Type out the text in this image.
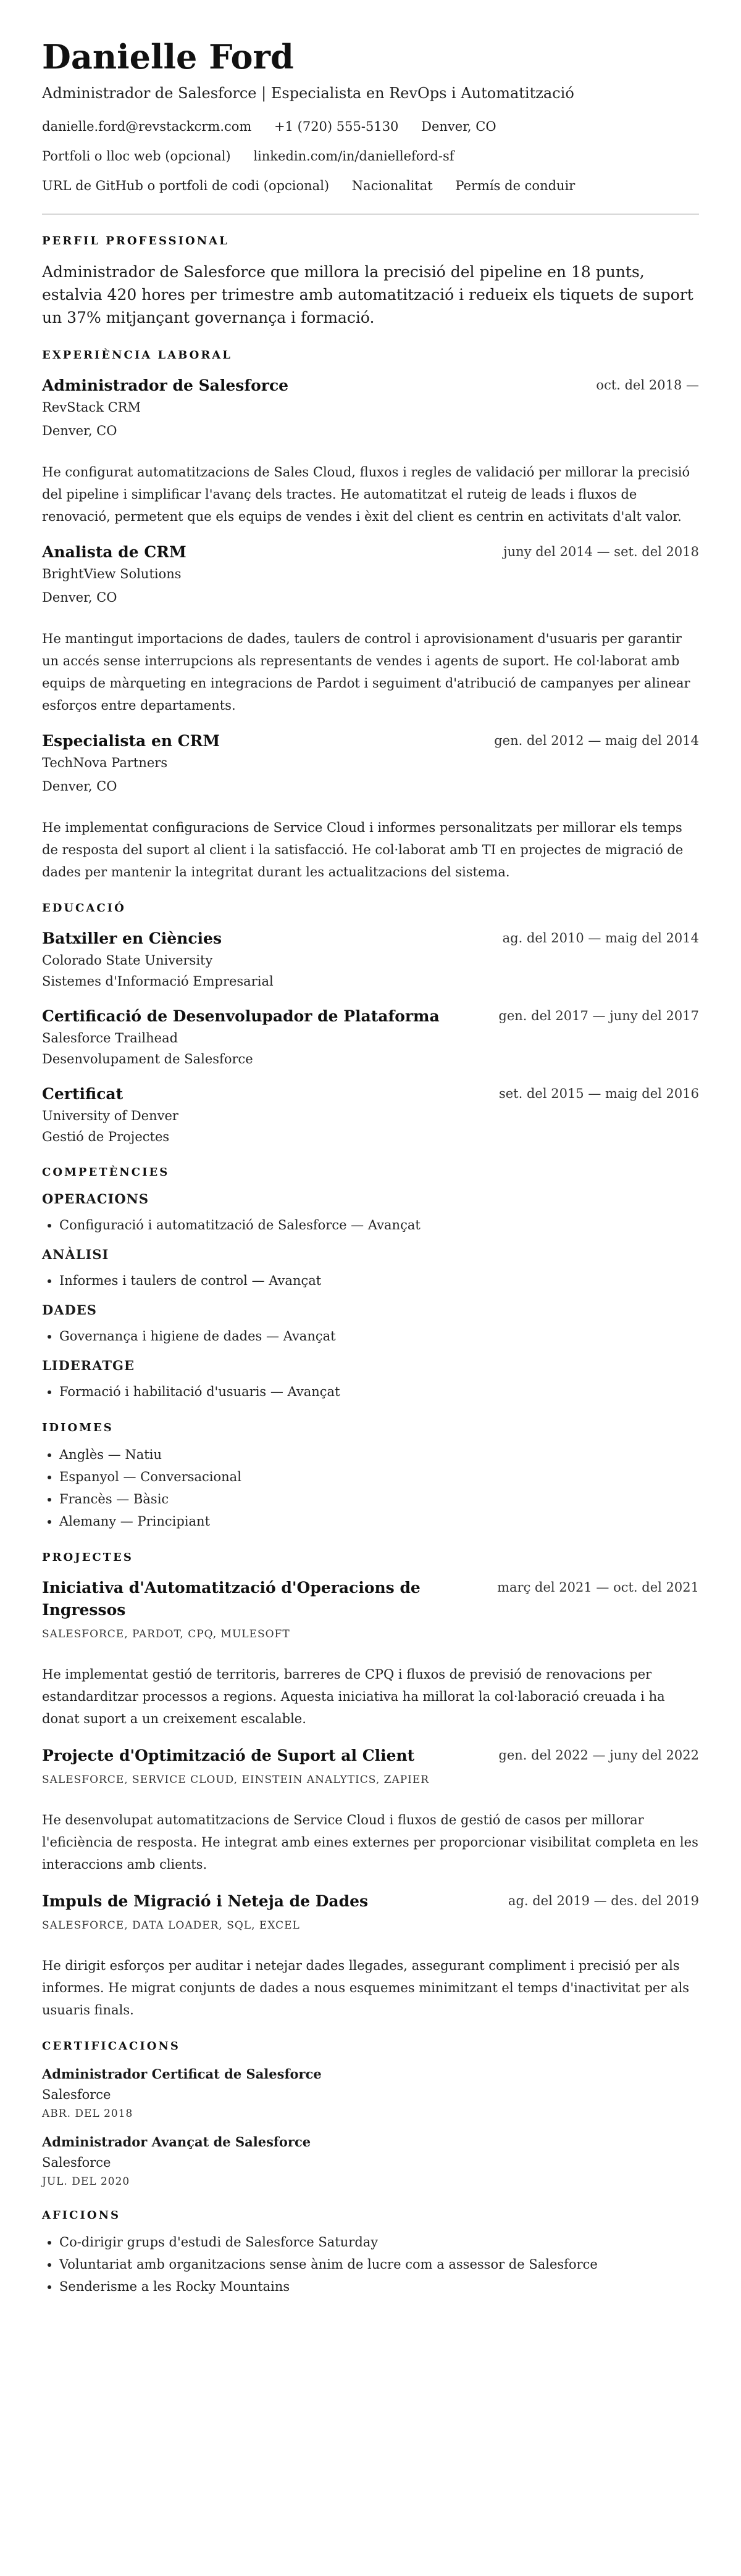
Danielle Ford
Administrador de Salesforce | Especialista en RevOps i Automatització
danielle.ford@revstackcrm.com +1 (720) 555-5130 Denver, CO
Portfoli o lloc web (opcional) linkedin.com/in/danielleford-sf
URL de GitHub o portfoli de codi (opcional) Nacionalitat Permís de conduir
PERFIL PROFESSIONAL
Administrador de Salesforce que millora la precisió del pipeline en 18 punts, estalvia 420 hores per trimestre amb automatització i redueix els tiquets de suport un 37% mitjançant governança i formació.
EXPERIÈNCIA LABORAL
Administrador de Salesforce	oct. del 2018 —
RevStack CRM
Denver, CO
He configurat automatitzacions de Sales Cloud, fluxos i regles de validació per millorar la precisió del pipeline i simplificar l'avanç dels tractes. He automatitzat el ruteig de leads i fluxos de renovació, permetent que els equips de vendes i èxit del client es centrin en activitats d'alt valor.
Analista de CRM	juny del 2014 — set. del 2018
BrightView Solutions
Denver, CO
He mantingut importacions de dades, taulers de control i aprovisionament d'usuaris per garantir un accés sense interrupcions als representants de vendes i agents de suport. He col·laborat amb equips de màrqueting en integracions de Pardot i seguiment d'atribució de campanyes per alinear esforços entre departaments.
Especialista en CRM	gen. del 2012 — maig del 2014
TechNova Partners
Denver, CO
He implementat configuracions de Service Cloud i informes personalitzats per millorar els temps de resposta del suport al client i la satisfacció. He col·laborat amb TI en projectes de migració de dades per mantenir la integritat durant les actualitzacions del sistema.
EDUCACIÓ
Batxiller en Ciències	ag. del 2010 — maig del 2014
Colorado State University
Sistemes d'Informació Empresarial
Certificació de Desenvolupador de Plataforma	gen. del 2017 — juny del 2017
Salesforce Trailhead
Desenvolupament de Salesforce
Certificat	set. del 2015 — maig del 2016
University of Denver
Gestió de Projectes
COMPETÈNCIES
OPERACIONS
• Configuració i automatització de Salesforce — Avançat
ANÀLISI
• Informes i taulers de control — Avançat
DADES
• Governança i higiene de dades — Avançat
LIDERATGE
• Formació i habilitació d'usuaris — Avançat
IDIOMES
• Anglès — Natiu
• Espanyol — Conversacional
• Francès — Bàsic
• Alemany — Principiant
PROJECTES
Iniciativa d'Automatització d'Operacions de Ingressos
març del 2021 — oct. del 2021
SALESFORCE, PARDOT, CPQ, MULESOFT
He implementat gestió de territoris, barreres de CPQ i fluxos de previsió de renovacions per estandarditzar processos a regions. Aquesta iniciativa ha millorat la col·laboració creuada i ha donat suport a un creixement escalable.
Projecte d'Optimització de Suport al Client	gen. del 2022 — juny del 2022
SALESFORCE, SERVICE CLOUD, EINSTEIN ANALYTICS, ZAPIER
He desenvolupat automatitzacions de Service Cloud i fluxos de gestió de casos per millorar l'eficiència de resposta. He integrat amb eines externes per proporcionar visibilitat completa en les interaccions amb clients.
Impuls de Migració i Neteja de Dades	ag. del 2019 — des. del 2019
SALESFORCE, DATA LOADER, SQL, EXCEL
He dirigit esforços per auditar i netejar dades llegades, assegurant compliment i precisió per als informes. He migrat conjunts de dades a nous esquemes minimitzant el temps d'inactivitat per als usuaris finals.
CERTIFICACIONS
Administrador Certificat de Salesforce
Salesforce
ABR. DEL 2018
Administrador Avançat de Salesforce
Salesforce
JUL. DEL 2020
AFICIONS
• Co-dirigir grups d'estudi de Salesforce Saturday
• Voluntariat amb organitzacions sense ànim de lucre com a assessor de Salesforce
• Senderisme a les Rocky Mountains
